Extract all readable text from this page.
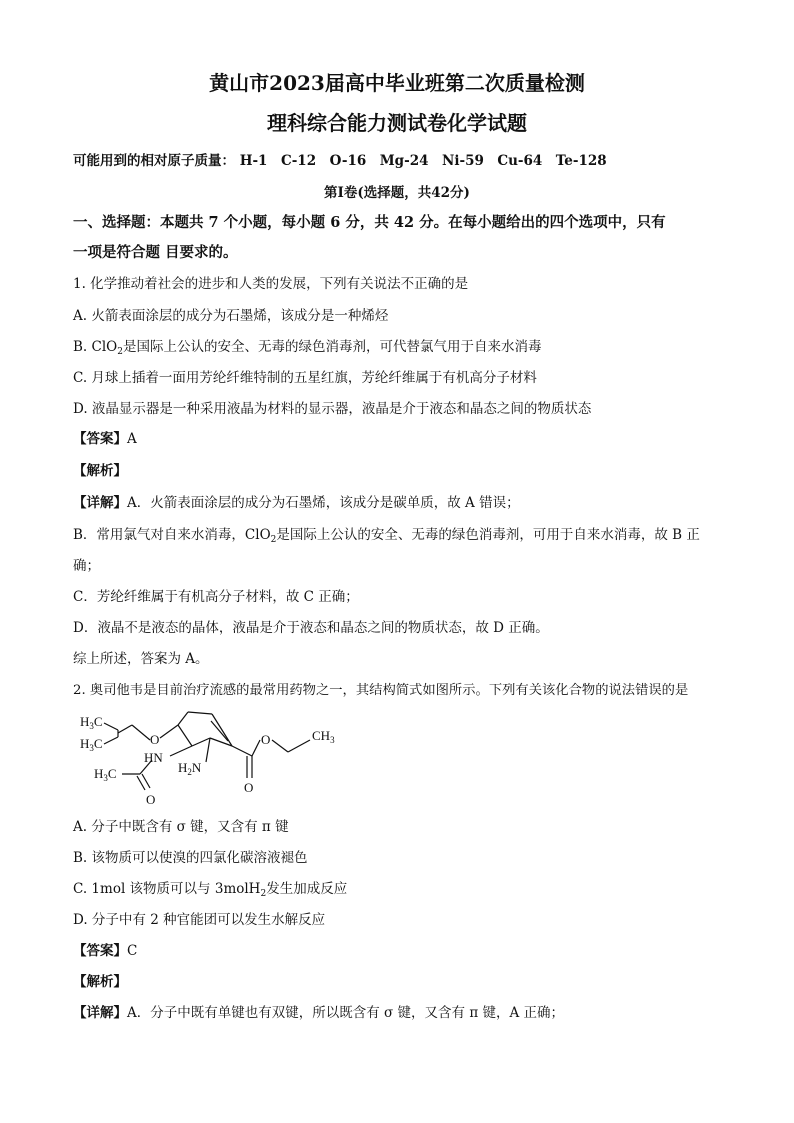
黄山市2023届高中毕业班第二次质量检测
理科综合能力测试卷化学试题
可能用到的相对原子质量： H-1　C-12　O-16　Mg-24　Ni-59　Cu-64　Te-128
第Ⅰ卷(选择题，共42分)
一、选择题：本题共 7 个小题，每小题 6 分，共 42 分。在每小题给出的四个选项中，只有
一项是符合题 目要求的。
1. 化学推动着社会的进步和人类的发展，下列有关说法不正确的是
A. 火箭表面涂层的成分为石墨烯，该成分是一种烯烃
B. ClO$_2$是国际上公认的安全、无毒的绿色消毒剂，可代替氯气用于自来水消毒
C. 月球上插着一面用芳纶纤维特制的五星红旗，芳纶纤维属于有机高分子材料
D. 液晶显示器是一种采用液晶为材料的显示器，液晶是介于液态和晶态之间的物质状态
【答案】A
【解析】
【详解】A．火箭表面涂层的成分为石墨烯，该成分是碳单质，故 A 错误；
B．常用氯气对自来水消毒，ClO$_2$是国际上公认的安全、无毒的绿色消毒剂，可用于自来水消毒，故 B 正
确；
C．芳纶纤维属于有机高分子材料，故 C 正确；
D．液晶不是液态的晶体，液晶是介于液态和晶态之间的物质状态，故 D 正确。
综上所述，答案为 A。
2. 奥司他韦是目前治疗流感的最常用药物之一，其结构简式如图所示。下列有关该化合物的说法错误的是
$H_3C$
$H_3C$	O
HN
$H_2N$
O	$CH_3$
O
$H_3C$
O
A. 分子中既含有 σ 键，又含有 π 键
B. 该物质可以使溴的四氯化碳溶液褪色
C. 1mol 该物质可以与 3molH$_2$发生加成反应
D. 分子中有 2 种官能团可以发生水解反应
【答案】C
【解析】
【详解】A．分子中既有单键也有双键，所以既含有 σ 键，又含有 π 键，A 正确；
